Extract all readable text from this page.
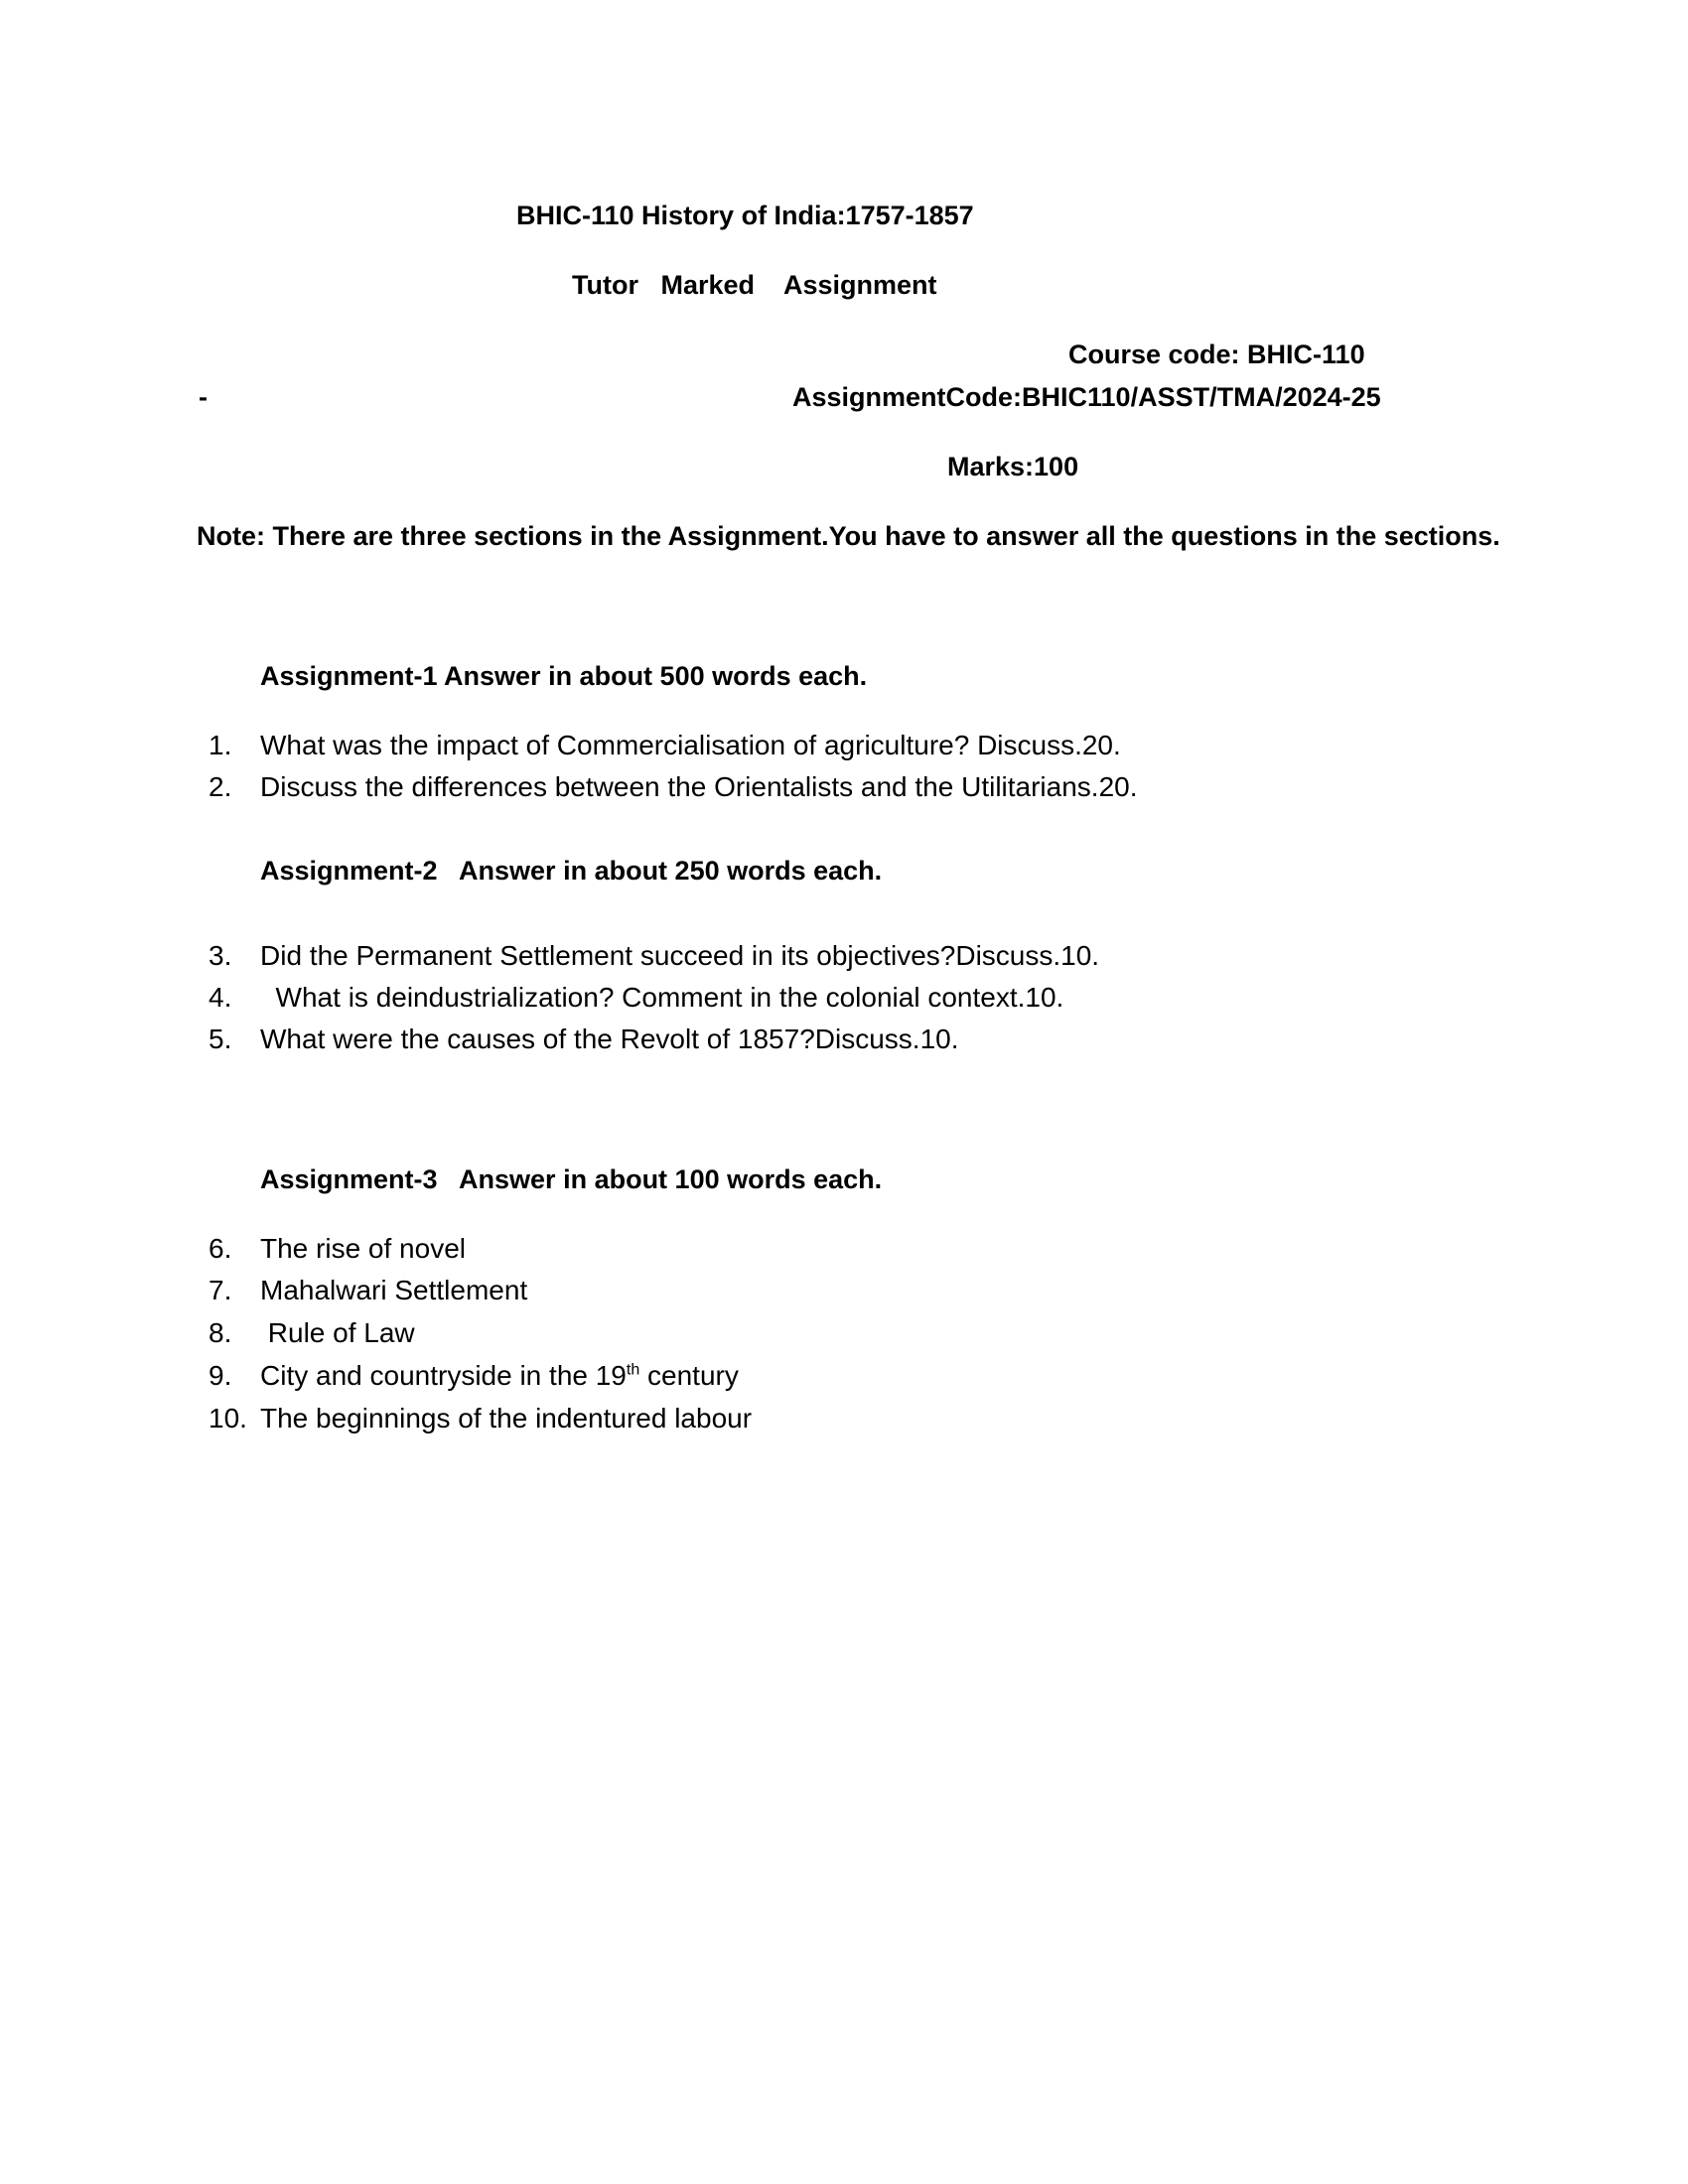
BHIC-110 History of India:1757-1857
Tutor   Marked    Assignment
Course code: BHIC-110
-	AssignmentCode:BHIC110/ASST/TMA/2024-25
Marks:100
Note: There are three sections in the Assignment.You have to answer all the questions in the sections.
Assignment-1 Answer in about 500 words each.
1. What was the impact of Commercialisation of agriculture? Discuss.20.
2. Discuss the differences between the Orientalists and the Utilitarians.20.
Assignment-2   Answer in about 250 words each.
3. Did the Permanent Settlement succeed in its objectives?Discuss.10.
4. What is deindustrialization? Comment in the colonial context.10.
5. What were the causes of the Revolt of 1857?Discuss.10.
Assignment-3   Answer in about 100 words each.
6. The rise of novel
7. Mahalwari Settlement
8. Rule of Law
9. City and countryside in the 19th century
10. The beginnings of the indentured labour
